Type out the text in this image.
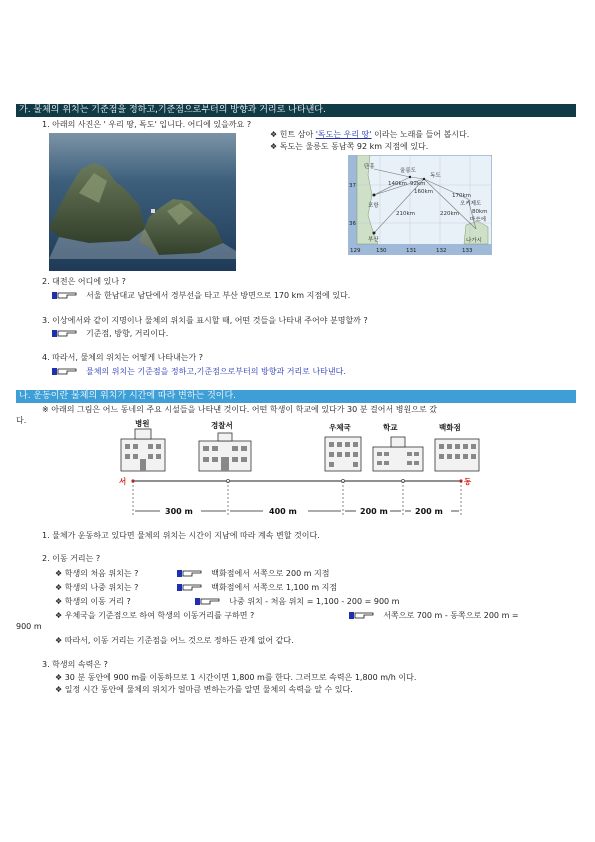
가. 물체의 위치는 기준점을 정하고,기준점으로부터의 방향과 거리로 나타낸다.
1. 아래의 사진은 ' 우리 땅, 독도' 입니다. 어디에 있을까요 ?
❖ 힌트 삼아 '독도는 우리 땅' 이라는 노래를 들어 봅시다.
❖ 독도는 울릉도 동남쪽 92 km 지점에 있다.
단흥
울릉도
독도
포항
부산
오키제도
마쓰에
나가시
140km 92km
170km
220km
210km	80km
160km
37
36
129	130	131	132	133
2. 대전은 어디에 있나 ?
서울 한남대교 남단에서 경부선을 타고 부산 방면으로 170 km 지점에 있다.
3. 이상에서와 같이 지명이나 물체의 위치를 표시할 때, 어떤 것들을 나타내 주어야 분명할까 ?
기준점, 방향, 거리이다.
4. 따라서, 물체의 위치는 어떻게 나타내는가 ?
물체의 위치는 기준점을 정하고,기준점으로부터의 방향과 거리로 나타낸다.
나. 운동이란 물체의 위치가 시간에 따라 변하는 것이다.
※ 아래의 그림은 어느 동네의 주요 시설들을 나타낸 것이다. 어떤 학생이 학교에 있다가 30 분 걸어서 병원으로 갔
다.	병원	경찰서	우체국	학교	백화점
서	동
300 m	400 m	200 m	200 m
1. 물체가 운동하고 있다면 물체의 위치는 시간이 지남에 따라 계속 변할 것이다.
2. 이동 거리는 ?
❖ 학생의 처음 위치는 ?	백화점에서 서쪽으로 200 m 지점
❖ 학생의 나중 위치는 ?	백화점에서 서쪽으로 1,100 m 지점
❖ 학생의 이동 거리 ?	나중 위치 - 처음 위치 = 1,100 - 200 = 900 m
❖ 우체국을 기준점으로 하여 학생의 이동거리를 구하면 ?	서쪽으로 700 m - 동쪽으로 200 m =
900 m
❖ 따라서, 이동 거리는 기준점을 어느 것으로 정하든 관계 없어 같다.
3. 학생의 속력은 ?
❖ 30 분 동안에 900 m를 이동하므로 1 시간이면 1,800 m를 한다. 그러므로 속력은 1,800 m/h 이다.
❖ 일정 시간 동안에 물체의 위치가 얼마큼 변하는가를 알면 물체의 속력을 알 수 있다.
